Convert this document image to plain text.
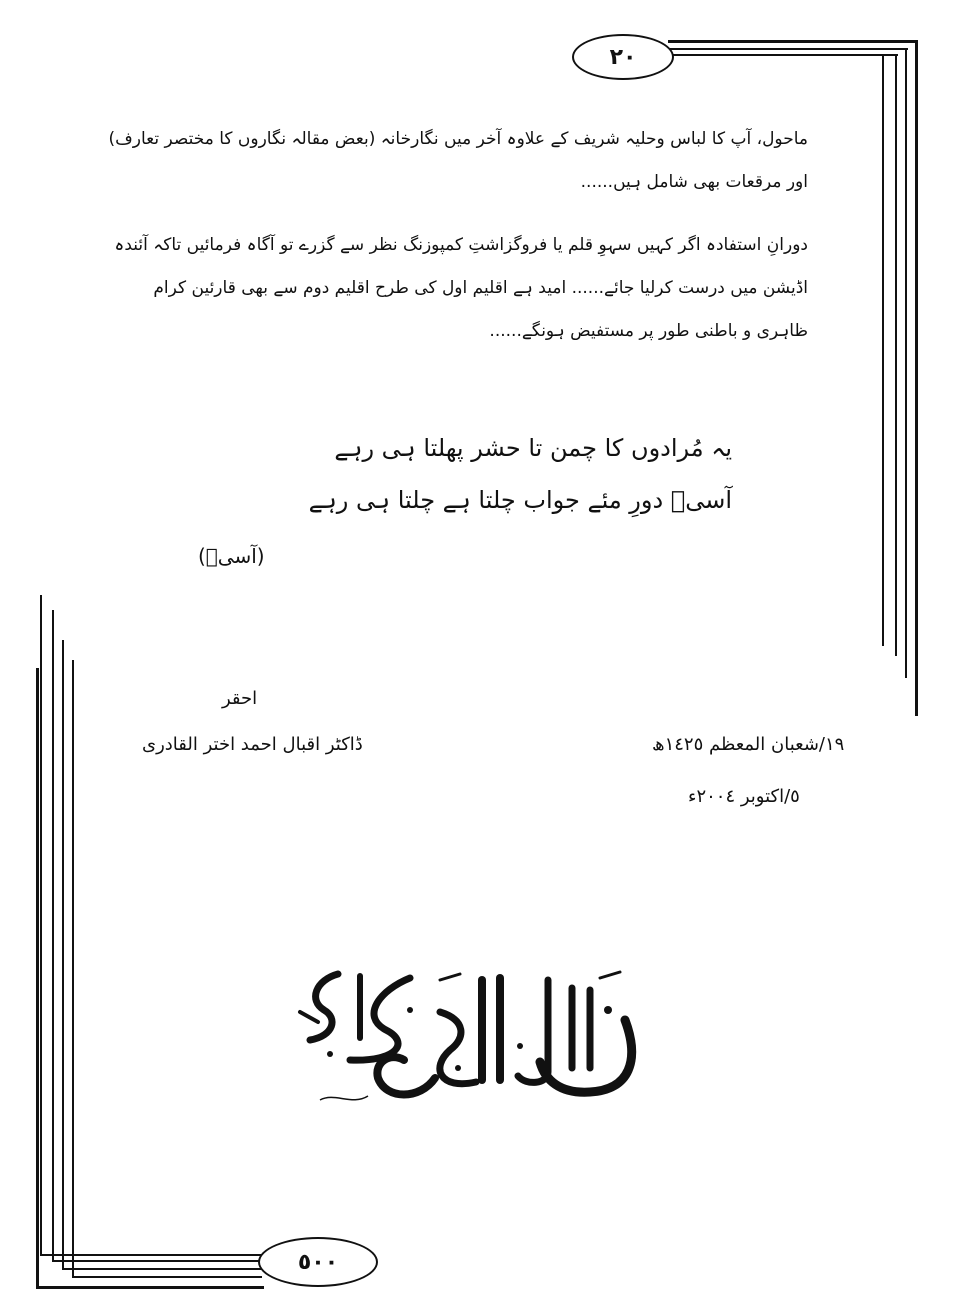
٢٠
٥٠٠

ماحول، آپ کا لباس وحلیہ شریف کے علاوہ آخر میں نگارخانہ (بعض مقالہ نگاروں کا مختصر تعارف) اور مرقعات بھی شامل ہیں......

دورانِ استفادہ اگر کہیں سہوِ قلم یا فروگزاشتِ کمپوزنگ نظر سے گزرے تو آگاہ فرمائیں تاکہ آئندہ اڈیشن میں درست کرلیا جائے...... امید ہے اقلیم اول کی طرح اقلیم دوم سے بھی قارئین کرام ظاہری و باطنی طور پر مستفیض ہونگے......

یہ مُرادوں کا چمن تا حشر پھلتا ہی رہے
آسیؔ دورِ مئے جواب چلتا ہے چلتا ہی رہے
(آسیؔ)
احقر
ڈاکٹر اقبال احمد اختر القادری	١٩/شعبان المعظم ١٤٢٥ھ
٥/اکتوبر ٢٠٠٤ء
